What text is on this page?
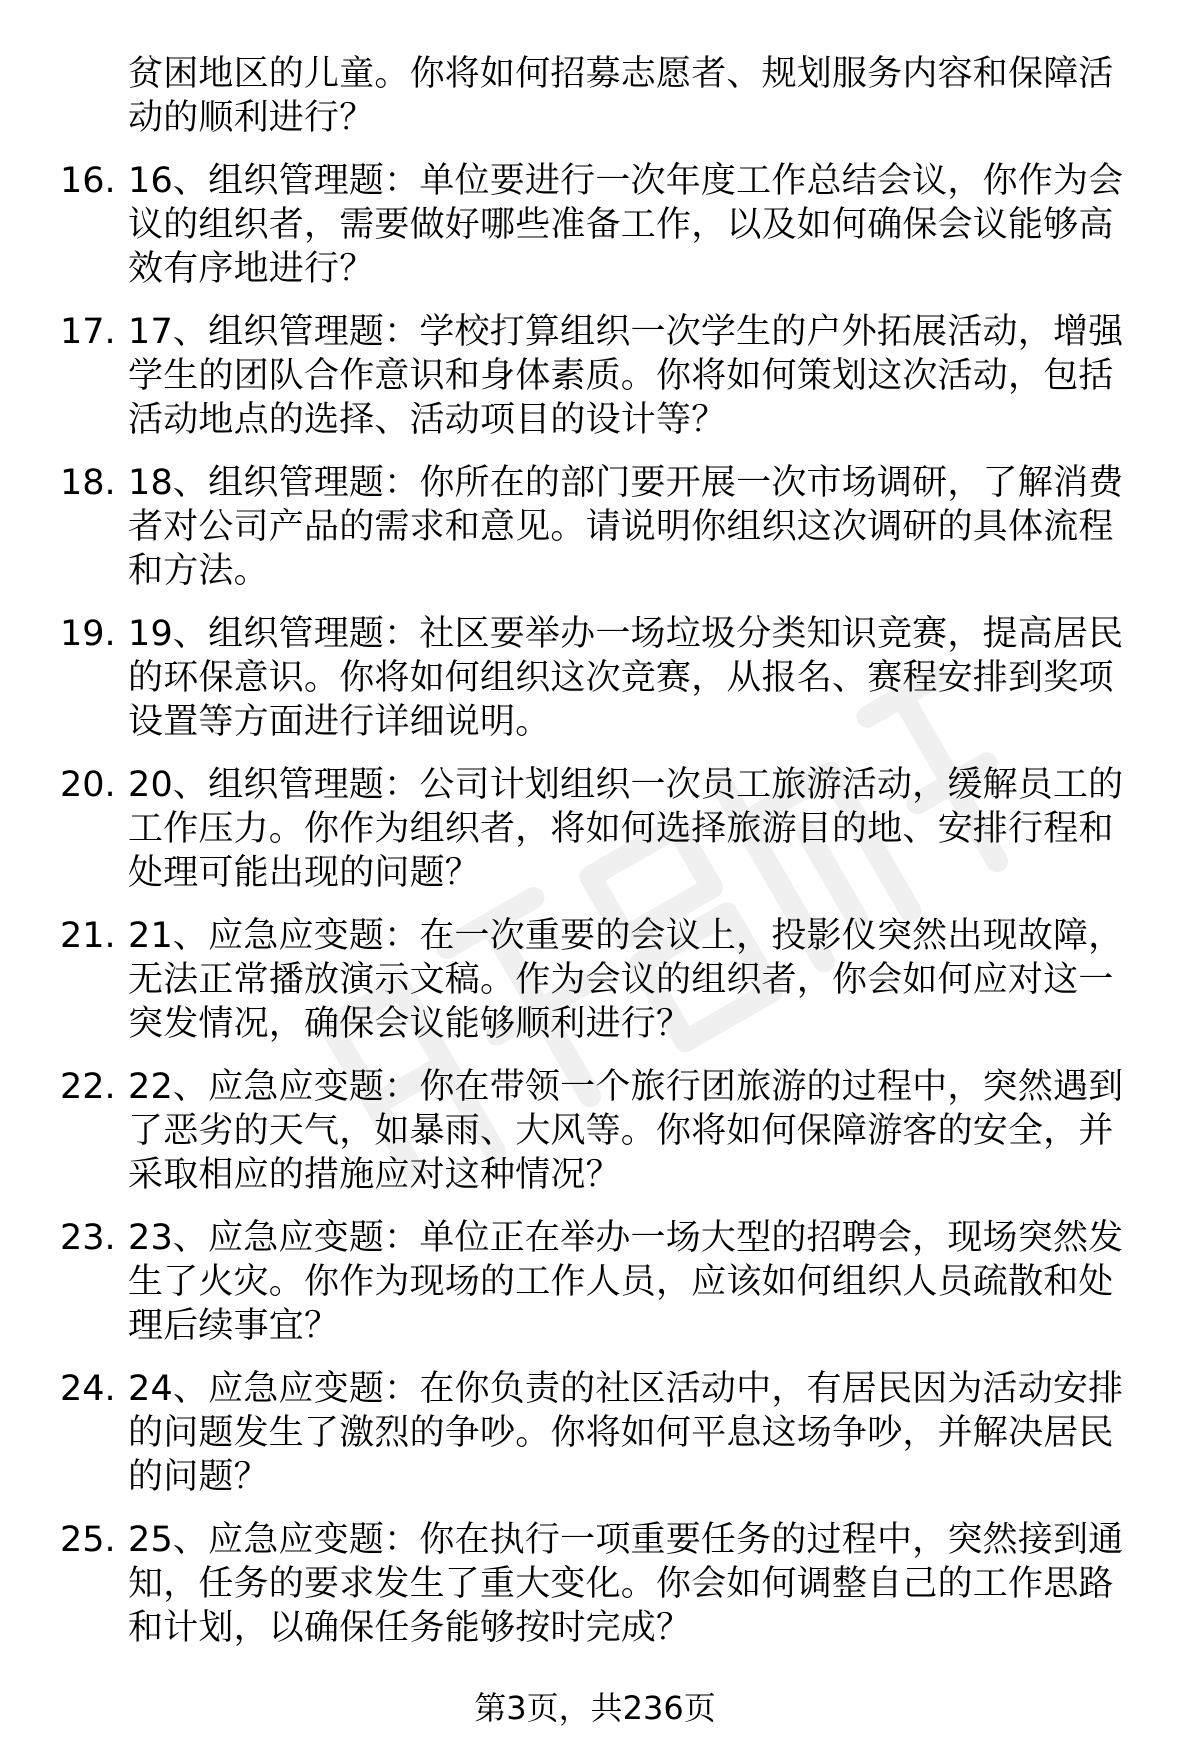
贫困地区的儿童。你将如何招募志愿者、规划服务内容和保障活
动的顺利进行？
16. 16、组织管理题：单位要进行一次年度工作总结会议，你作为会
议的组织者，需要做好哪些准备工作，以及如何确保会议能够高
效有序地进行？
17. 17、组织管理题：学校打算组织一次学生的户外拓展活动，增强
学生的团队合作意识和身体素质。你将如何策划这次活动，包括
活动地点的选择、活动项目的设计等？
18. 18、组织管理题：你所在的部门要开展一次市场调研，了解消费
者对公司产品的需求和意见。请说明你组织这次调研的具体流程
和方法。
19. 19、组织管理题：社区要举办一场垃圾分类知识竞赛，提高居民
的环保意识。你将如何组织这次竞赛，从报名、赛程安排到奖项
设置等方面进行详细说明。
20. 20、组织管理题：公司计划组织一次员工旅游活动，缓解员工的
工作压力。你作为组织者，将如何选择旅游目的地、安排行程和
处理可能出现的问题？
21. 21、应急应变题：在一次重要的会议上，投影仪突然出现故障，
无法正常播放演示文稿。作为会议的组织者，你会如何应对这一
突发情况，确保会议能够顺利进行？
22. 22、应急应变题：你在带领一个旅行团旅游的过程中，突然遇到
了恶劣的天气，如暴雨、大风等。你将如何保障游客的安全，并
采取相应的措施应对这种情况？
23. 23、应急应变题：单位正在举办一场大型的招聘会，现场突然发
生了火灾。你作为现场的工作人员，应该如何组织人员疏散和处
理后续事宜？
24. 24、应急应变题：在你负责的社区活动中，有居民因为活动安排
的问题发生了激烈的争吵。你将如何平息这场争吵，并解决居民
的问题？
25. 25、应急应变题：你在执行一项重要任务的过程中，突然接到通
知，任务的要求发生了重大变化。你会如何调整自己的工作思路
和计划，以确保任务能够按时完成？
第3页，共236页
